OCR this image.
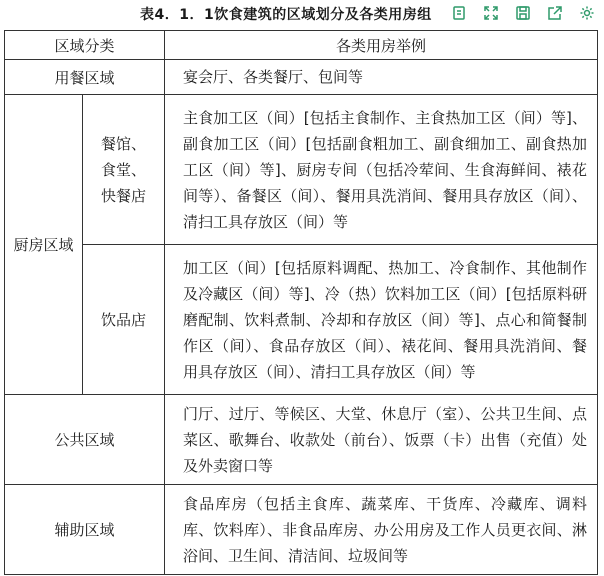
表4．1．1饮食建筑的区域划分及各类用房组
区域分类		各类用房举例
用餐区域		宴会厅、各类餐厅、包间等
厨房区域	餐馆、食堂、快餐店	主食加工区（间）[包括主食制作、主食热加工区（间）等]、副食加工区（间）[包括副食粗加工、副食细加工、副食热加工区（间）等]、厨房专间（包括冷荤间、生食海鲜间、裱花间等）、备餐区（间）、餐用具洗消间、餐用具存放区（间）、清扫工具存放区（间）等
	饮品店	加工区（间）[包括原料调配、热加工、冷食制作、其他制作及冷藏区（间）等]、冷（热）饮料加工区（间）[包括原料研磨配制、饮料煮制、冷却和存放区（间）等]、点心和简餐制作区（间）、食品存放区（间）、裱花间、餐用具洗消间、餐用具存放区（间）、清扫工具存放区（间）等
公共区域		门厅、过厅、等候区、大堂、休息厅（室）、公共卫生间、点菜区、歌舞台、收款处（前台）、饭票（卡）出售（充值）处及外卖窗口等
辅助区域		食品库房（包括主食库、蔬菜库、干货库、冷藏库、调料库、饮料库）、非食品库房、办公用房及工作人员更衣间、淋浴间、卫生间、清洁间、垃圾间等
